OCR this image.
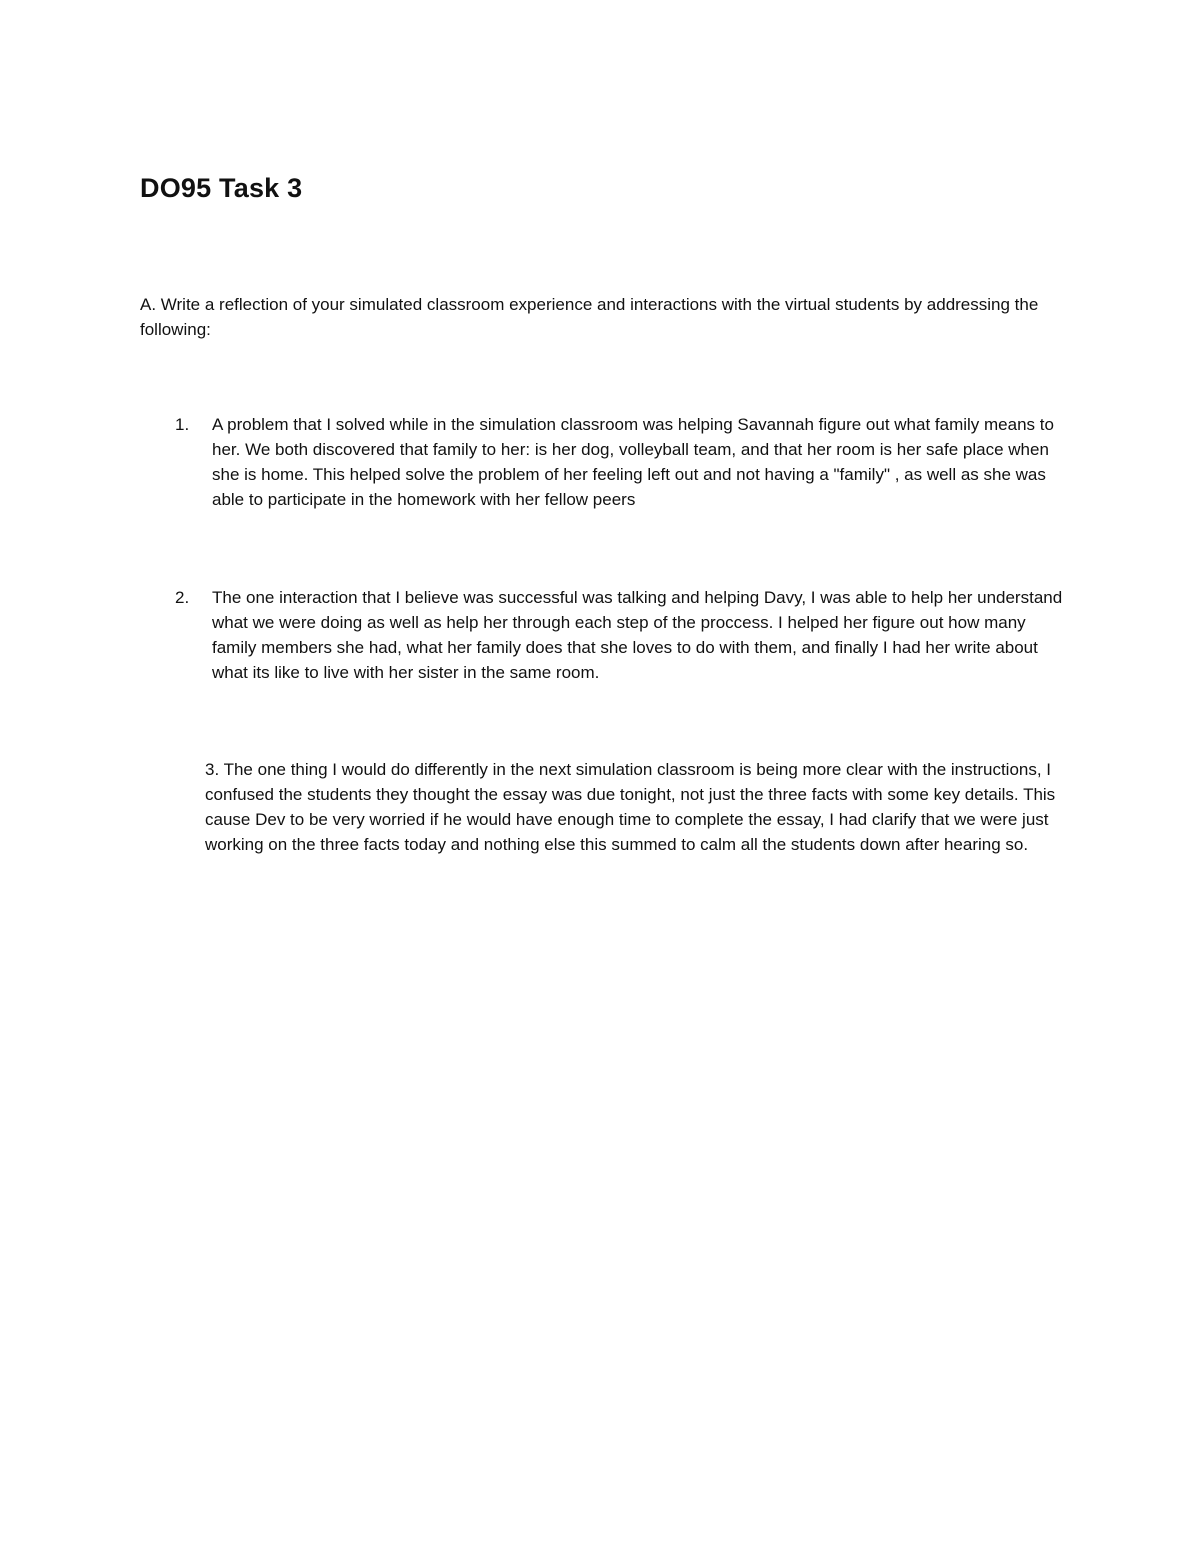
DO95 Task 3

A. Write a reflection of your simulated classroom experience and interactions with the virtual students by addressing the following:

1.	A problem that I solved while in the simulation classroom was helping Savannah figure out what family means to her. We both discovered that family to her: is her dog, volleyball team, and that her room is her safe place when she is home. This helped solve the problem of her feeling left out and not having a "family" , as well as she was able to participate in the homework with her fellow peers
2.	The one interaction that I believe was successful was talking and helping Davy, I was able to help her understand what we were doing as well as help her through each step of the proccess. I helped her figure out how many family members she had, what her family does that she loves to do with them, and finally I had her write about what its like to live with her sister in the same room.

3. The one thing I would do differently in the next simulation classroom is being more clear with the instructions, I confused the students they thought the essay was due tonight, not just the three facts with some key details. This cause Dev to be very worried if he would have enough time to complete the essay, I had clarify that we were just working on the three facts today and nothing else this summed to calm all the students down after hearing so.
